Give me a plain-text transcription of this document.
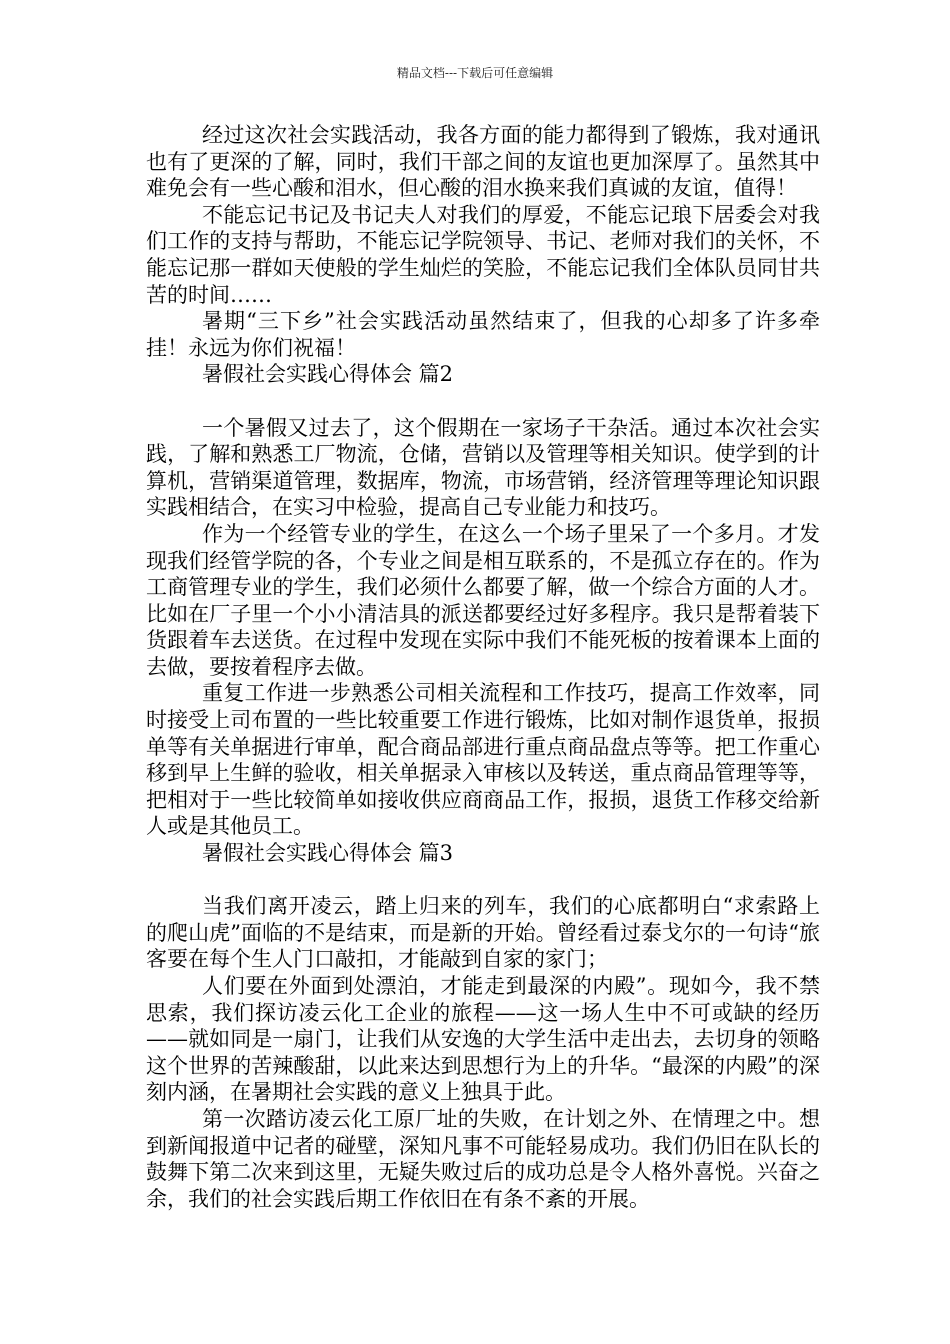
精品文档---下载后可任意编辑

经过这次社会实践活动，我各方面的能力都得到了锻炼，我对通讯也有了更深的了解，同时，我们干部之间的友谊也更加深厚了。虽然其中难免会有一些心酸和泪水，但心酸的泪水换来我们真诚的友谊，值得！

不能忘记书记及书记夫人对我们的厚爱，不能忘记琅下居委会对我们工作的支持与帮助，不能忘记学院领导、书记、老师对我们的关怀，不能忘记那一群如天使般的学生灿烂的笑脸，不能忘记我们全体队员同甘共苦的时间……

暑期“三下乡”社会实践活动虽然结束了，但我的心却多了许多牵挂！永远为你们祝福！

暑假社会实践心得体会 篇2

一个暑假又过去了，这个假期在一家场子干杂活。通过本次社会实践，了解和熟悉工厂物流，仓储，营销以及管理等相关知识。使学到的计算机，营销渠道管理，数据库，物流，市场营销，经济管理等理论知识跟实践相结合，在实习中检验，提高自己专业能力和技巧。

作为一个经管专业的学生，在这么一个场子里呆了一个多月。才发现我们经管学院的各，个专业之间是相互联系的，不是孤立存在的。作为工商管理专业的学生，我们必须什么都要了解，做一个综合方面的人才。比如在厂子里一个小小清洁具的派送都要经过好多程序。我只是帮着装下货跟着车去送货。在过程中发现在实际中我们不能死板的按着课本上面的去做，要按着程序去做。

重复工作进一步熟悉公司相关流程和工作技巧，提高工作效率，同时接受上司布置的一些比较重要工作进行锻炼，比如对制作退货单，报损单等有关单据进行审单，配合商品部进行重点商品盘点等等。把工作重心移到早上生鲜的验收，相关单据录入审核以及转送，重点商品管理等等，把相对于一些比较简单如接收供应商商品工作，报损，退货工作移交给新人或是其他员工。

暑假社会实践心得体会 篇3

当我们离开凌云，踏上归来的列车，我们的心底都明白“求索路上的爬山虎”面临的不是结束，而是新的开始。曾经看过泰戈尔的一句诗“旅客要在每个生人门口敲扣，才能敲到自家的家门；

人们要在外面到处漂泊，才能走到最深的内殿”。现如今，我不禁思索，我们探访凌云化工企业的旅程——这一场人生中不可或缺的经历——就如同是一扇门，让我们从安逸的大学生活中走出去，去切身的领略这个世界的苦辣酸甜，以此来达到思想行为上的升华。“最深的内殿”的深刻内涵，在暑期社会实践的意义上独具于此。

第一次踏访凌云化工原厂址的失败，在计划之外、在情理之中。想到新闻报道中记者的碰壁，深知凡事不可能轻易成功。我们仍旧在队长的鼓舞下第二次来到这里，无疑失败过后的成功总是令人格外喜悦。兴奋之余，我们的社会实践后期工作依旧在有条不紊的开展。
